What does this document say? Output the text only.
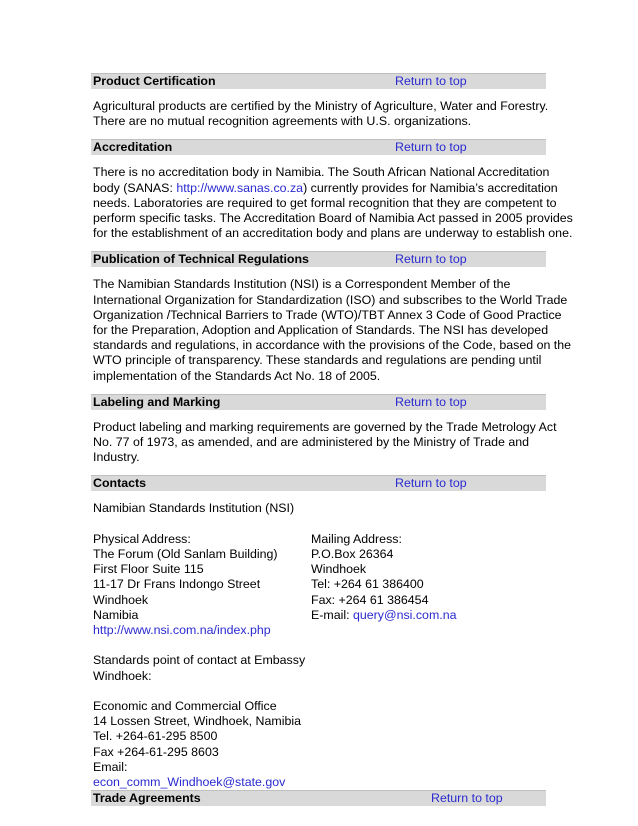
Product Certification	Return to top
Agricultural products are certified by the Ministry of Agriculture, Water and Forestry.
There are no mutual recognition agreements with U.S. organizations.
Accreditation	Return to top
There is no accreditation body in Namibia. The South African National Accreditation
body (SANAS: http://www.sanas.co.za) currently provides for Namibia’s accreditation
needs. Laboratories are required to get formal recognition that they are competent to
perform specific tasks. The Accreditation Board of Namibia Act passed in 2005 provides
for the establishment of an accreditation body and plans are underway to establish one.
Publication of Technical Regulations	Return to top
The Namibian Standards Institution (NSI) is a Correspondent Member of the
International Organization for Standardization (ISO) and subscribes to the World Trade
Organization /Technical Barriers to Trade (WTO)/TBT Annex 3 Code of Good Practice
for the Preparation, Adoption and Application of Standards. The NSI has developed
standards and regulations, in accordance with the provisions of the Code, based on the
WTO principle of transparency. These standards and regulations are pending until
implementation of the Standards Act No. 18 of 2005.
Labeling and Marking	Return to top
Product labeling and marking requirements are governed by the Trade Metrology Act
No. 77 of 1973, as amended, and are administered by the Ministry of Trade and
Industry.
Contacts	Return to top
Namibian Standards Institution (NSI)
Physical Address:
The Forum (Old Sanlam Building)
First Floor Suite 115
11-17 Dr Frans Indongo Street
Windhoek
Namibia
http://www.nsi.com.na/index.php
Mailing Address:
P.O.Box 26364
Windhoek
Tel: +264 61 386400
Fax: +264 61 386454
E-mail: query@nsi.com.na
Standards point of contact at Embassy
Windhoek:
Economic and Commercial Office
14 Lossen Street, Windhoek, Namibia
Tel. +264-61-295 8500
Fax +264-61-295 8603
Email:
econ_comm_Windhoek@state.gov
Trade Agreements	Return to top
